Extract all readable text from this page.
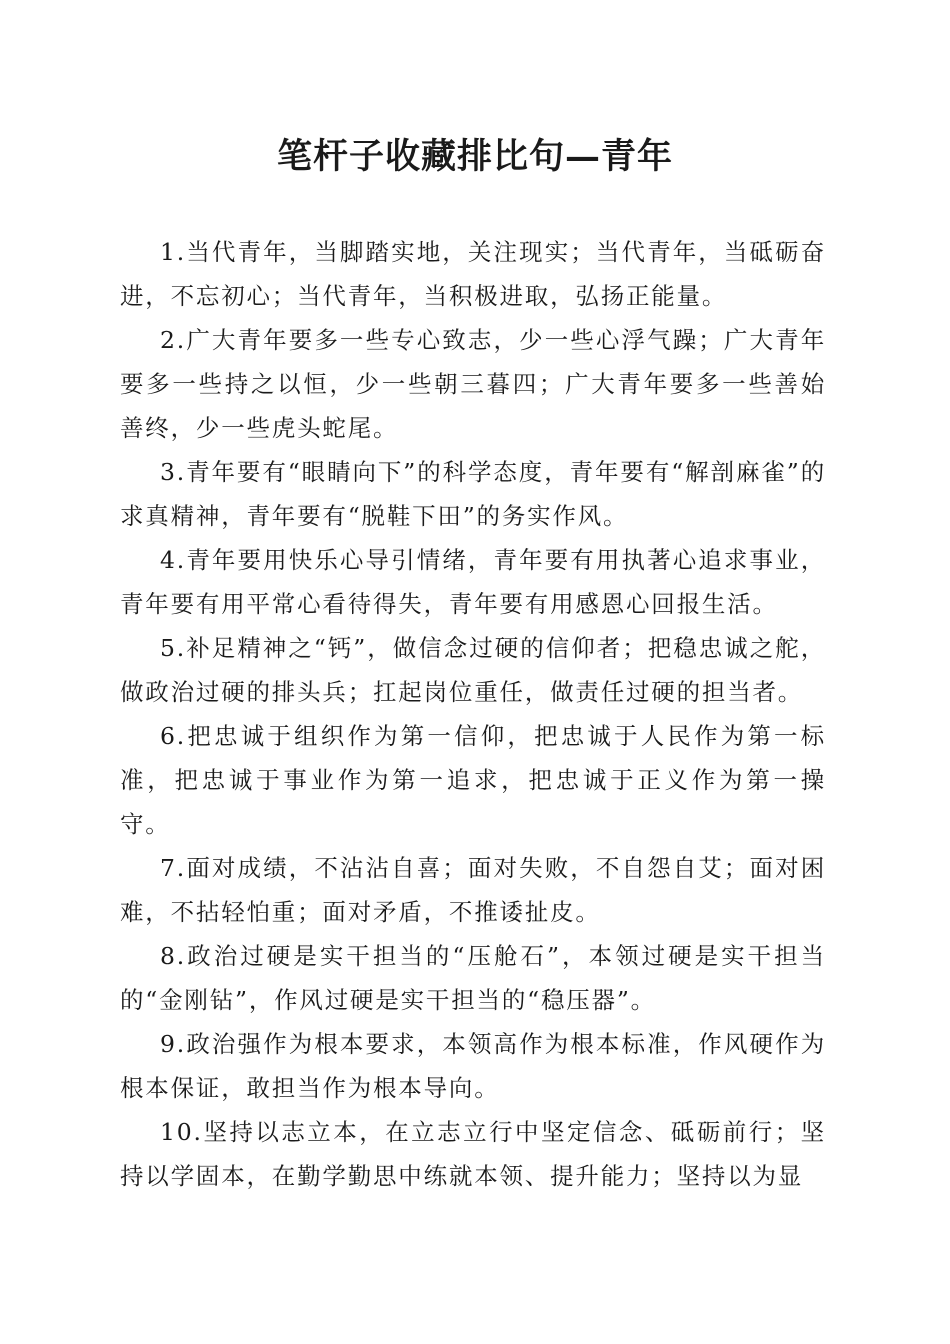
笔杆子收藏排比句—青年

1.当代青年，当脚踏实地，关注现实；当代青年，当砥砺奋进，不忘初心；当代青年，当积极进取，弘扬正能量。

2.广大青年要多一些专心致志，少一些心浮气躁；广大青年要多一些持之以恒，少一些朝三暮四；广大青年要多一些善始善终，少一些虎头蛇尾。

3.青年要有“眼睛向下”的科学态度，青年要有“解剖麻雀”的求真精神，青年要有“脱鞋下田”的务实作风。

4.青年要用快乐心导引情绪，青年要有用执著心追求事业，青年要有用平常心看待得失，青年要有用感恩心回报生活。

5.补足精神之“钙”，做信念过硬的信仰者；把稳忠诚之舵，做政治过硬的排头兵；扛起岗位重任，做责任过硬的担当者。

6.把忠诚于组织作为第一信仰，把忠诚于人民作为第一标准，把忠诚于事业作为第一追求，把忠诚于正义作为第一操守。

7.面对成绩，不沾沾自喜；面对失败，不自怨自艾；面对困难，不拈轻怕重；面对矛盾，不推诿扯皮。

8.政治过硬是实干担当的“压舱石”，本领过硬是实干担当的“金刚钻”，作风过硬是实干担当的“稳压器”。

9.政治强作为根本要求，本领高作为根本标准，作风硬作为根本保证，敢担当作为根本导向。

10.坚持以志立本，在立志立行中坚定信念、砥砺前行；坚持以学固本，在勤学勤思中练就本领、提升能力；坚持以为显
